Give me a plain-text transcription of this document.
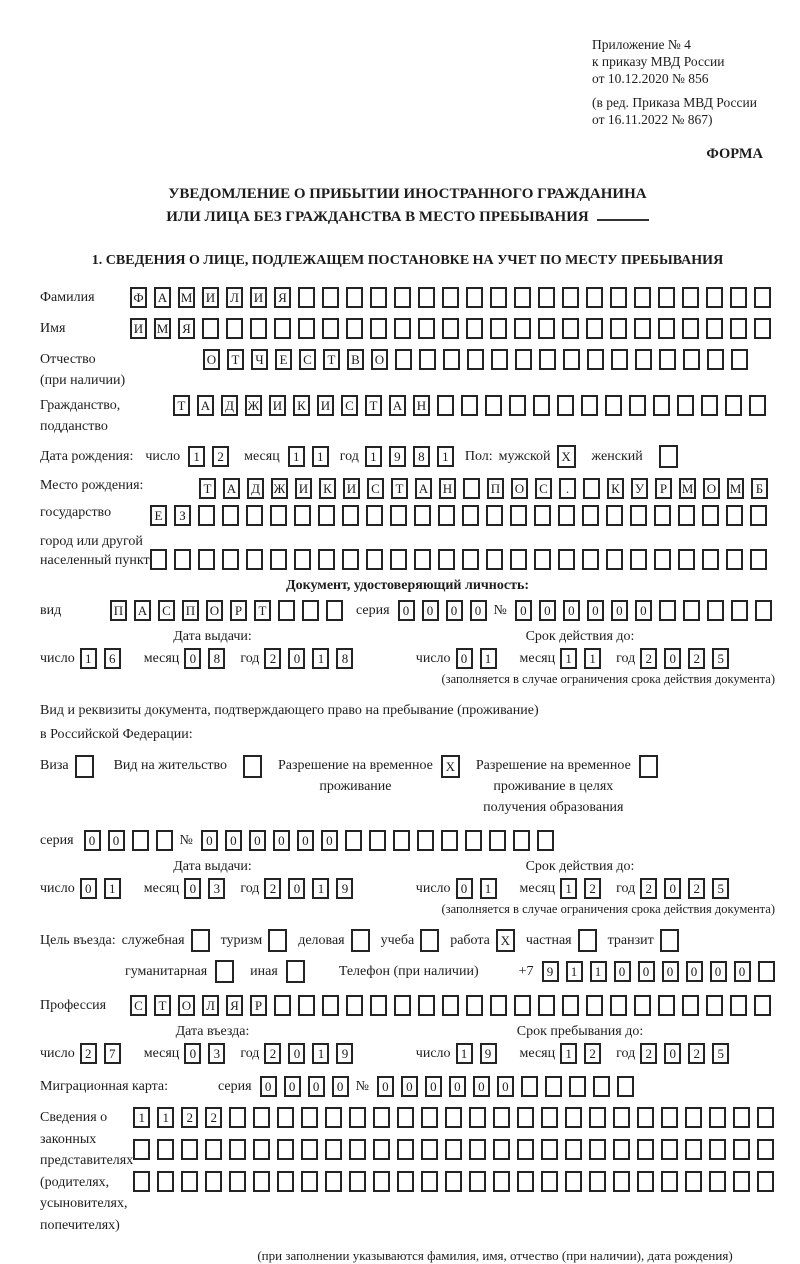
Приложение № 4
к приказу МВД России
от 10.12.2020 № 856
(в ред. Приказа МВД России
от 16.11.2022 № 867)
ФОРМА
УВЕДОМЛЕНИЕ О ПРИБЫТИИ ИНОСТРАННОГО ГРАЖДАНИНА
ИЛИ ЛИЦА БЕЗ ГРАЖДАНСТВА В МЕСТО ПРЕБЫВАНИЯ
1. СВЕДЕНИЯ О ЛИЦЕ, ПОДЛЕЖАЩЕМ ПОСТАНОВКЕ НА УЧЕТ ПО МЕСТУ ПРЕБЫВАНИЯ
Фамилия	Ф А М И	Л	И	Я
Имя	И М	Я
Отчество
(при наличии)
О	Т	Ч	Е	С	Т	В	О
Гражданство,
подданство
Т	А	Д	Ж И	К	И	С	Т	А Н
Дата рождения: число	1	2	месяц	1	1	год 1	9	8	1	Пол: мужской X	женский
Место рождения:	Т	А	Д	Ж И	К	И	С	Т	А Н	П О	С	.	К	У	Р	М О М	Б
государство	Е	З
город или другой
населенный пункт
Документ, удостоверяющий личность:
вид	П А	С	П О	Р	Т	серия	0	0	0	0 №	0	0	0	0	0	0
Дата выдачи:	Срок действия до:
число 1	6	месяц 0	8	год 2	0	1	8	число 0	1	месяц 1	1	год 2	0	2	5
(заполняется в случае ограничения срока действия документа)
Вид и реквизиты документа, подтверждающего право на пребывание (проживание)
в Российской Федерации:
Виза	Вид на жительство	Разрешение на временное
проживание
X	Разрешение на временное
проживание в целях
получения образования
серия	0	0	№	0	0	0	0	0	0
Дата выдачи:	Срок действия до:
число 0	1	месяц 0	3	год 2	0	1	9	число 0	1	месяц 1	2	год 2	0	2	5
(заполняется в случае ограничения срока действия документа)
Цель въезда: служебная	туризм	деловая	учеба	работа X	частная	транзит
гуманитарная	иная	Телефон (при наличии)	+7	9	1	1	0	0	0	0	0	0
Профессия	С	Т	О	Л	Я	Р
Дата въезда:	Срок пребывания до:
число 2	7	месяц 0	3	год 2	0	1	9	число 1	9	месяц 1	2	год 2	0	2	5
Миграционная карта:	серия	0	0	0	0 №	0	0	0	0	0	0
Сведения о
законных
представителях
(родителях,
усыновителях,
попечителях)
1	1	2	2
(при заполнении указываются фамилия, имя, отчество (при наличии), дата рождения)
